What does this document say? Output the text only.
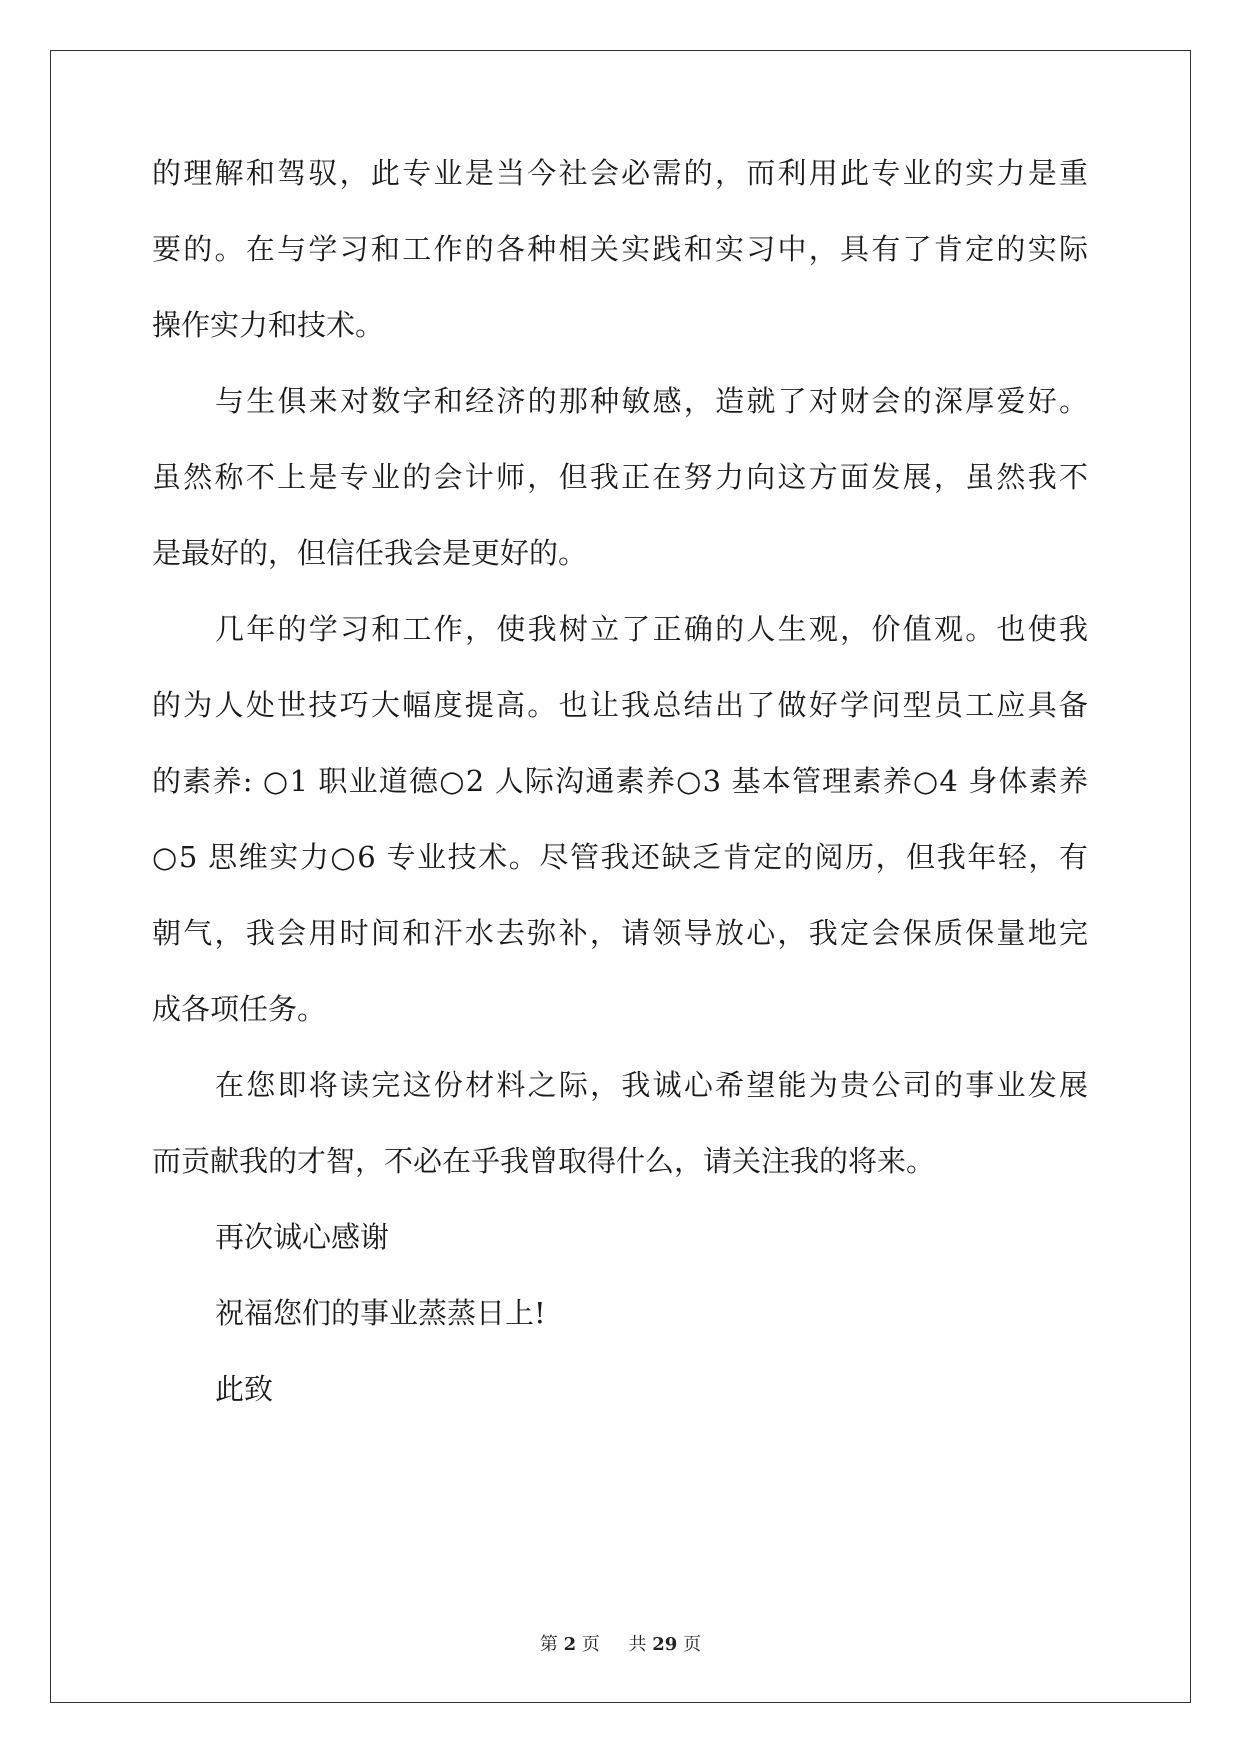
的理解和驾驭，此专业是当今社会必需的，而利用此专业的实力是重
要的。在与学习和工作的各种相关实践和实习中，具有了肯定的实际
操作实力和技术。
与生俱来对数字和经济的那种敏感，造就了对财会的深厚爱好。
虽然称不上是专业的会计师，但我正在努力向这方面发展，虽然我不
是最好的，但信任我会是更好的。
几年的学习和工作，使我树立了正确的人生观，价值观。也使我
的为人处世技巧大幅度提高。也让我总结出了做好学问型员工应具备
的素养: ○1 职业道德○2 人际沟通素养○3 基本管理素养○4 身体素养
○5 思维实力○6 专业技术。尽管我还缺乏肯定的阅历，但我年轻，有
朝气，我会用时间和汗水去弥补，请领导放心，我定会保质保量地完
成各项任务。
在您即将读完这份材料之际，我诚心希望能为贵公司的事业发展
而贡献我的才智，不必在乎我曾取得什么，请关注我的将来。
再次诚心感谢
祝福您们的事业蒸蒸日上!
此致
第 2 页 共 29 页
